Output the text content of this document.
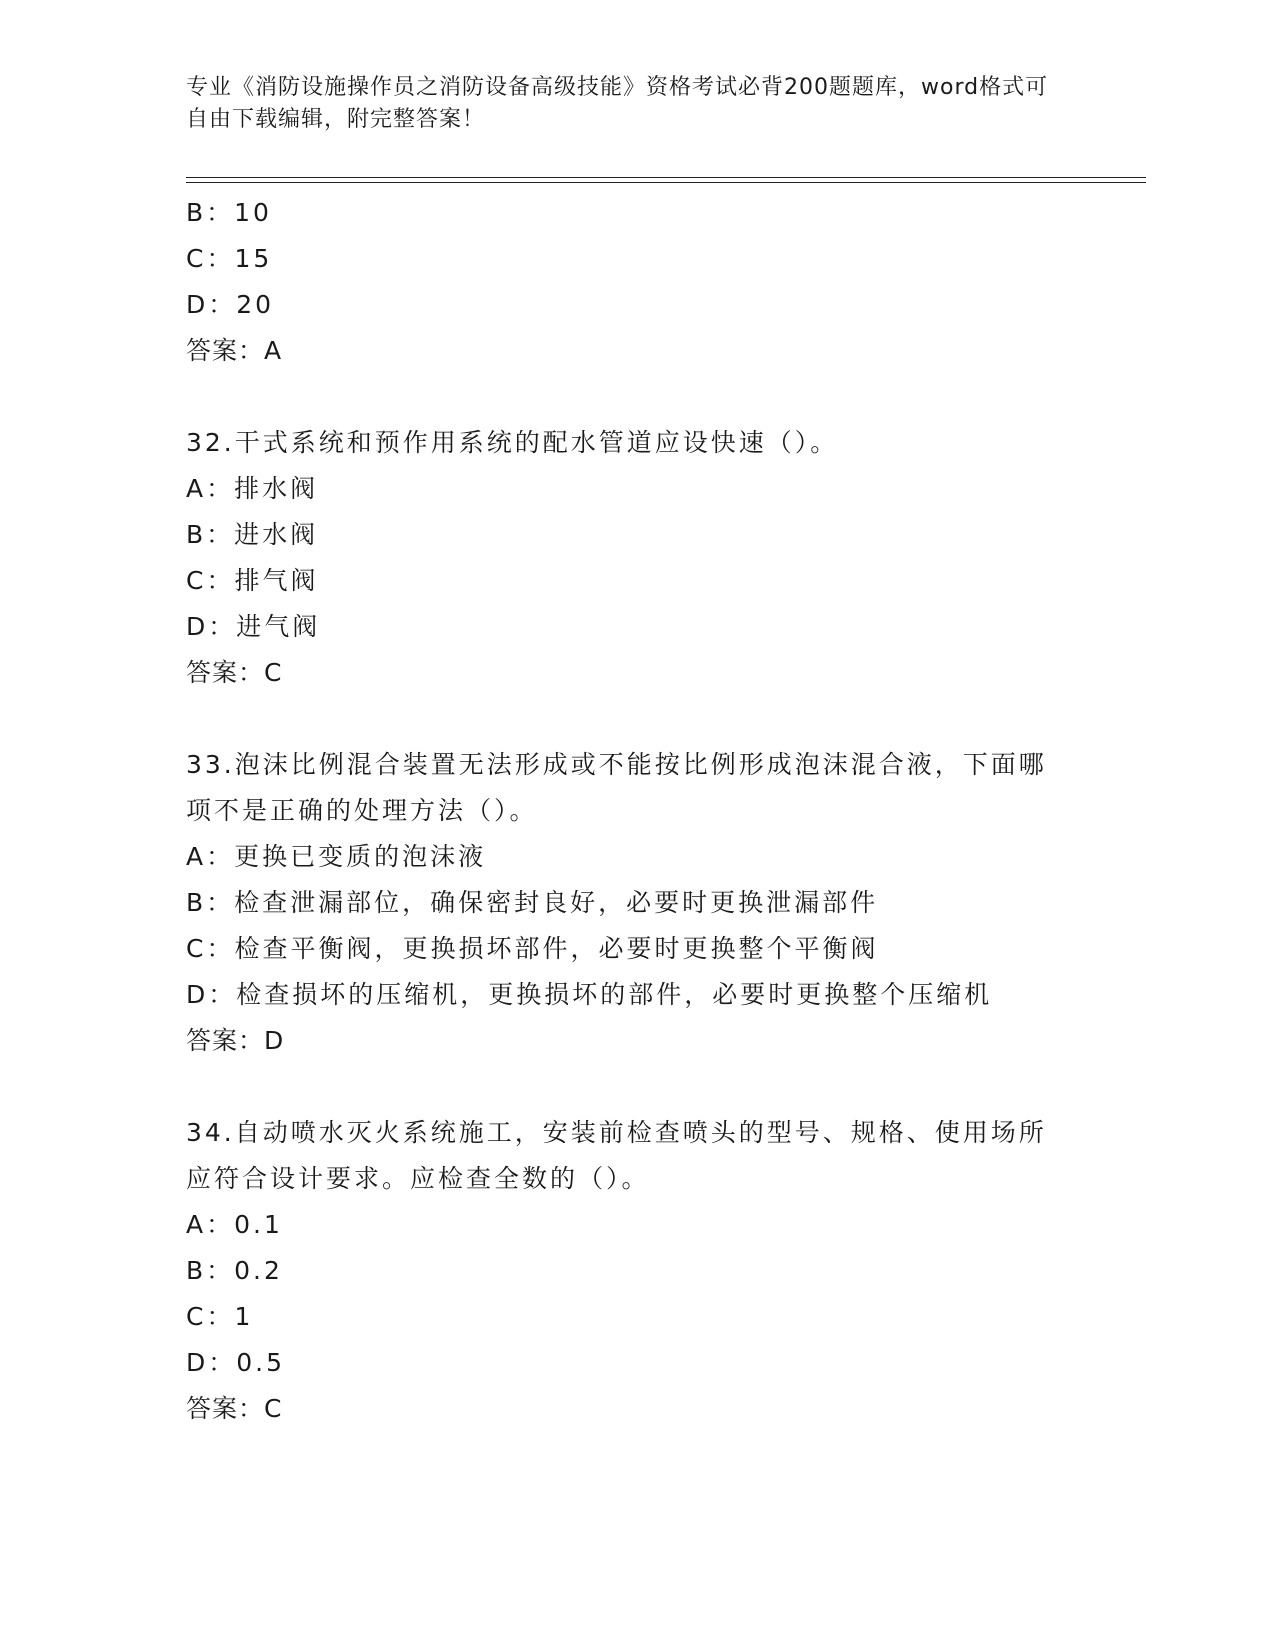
专业《消防设施操作员之消防设备高级技能》资格考试必背200题题库，word格式可自由下载编辑，附完整答案！
B：10
C：15
D：20
答案：A
32.干式系统和预作用系统的配水管道应设快速（）。
A：排水阀
B：进水阀
C：排气阀
D：进气阀
答案：C
33.泡沫比例混合装置无法形成或不能按比例形成泡沫混合液，下面哪项不是正确的处理方法（）。
A：更换已变质的泡沫液
B：检查泄漏部位，确保密封良好，必要时更换泄漏部件
C：检查平衡阀，更换损坏部件，必要时更换整个平衡阀
D：检查损坏的压缩机，更换损坏的部件，必要时更换整个压缩机
答案：D
34.自动喷水灭火系统施工，安装前检查喷头的型号、规格、使用场所应符合设计要求。应检查全数的（）。
A：0.1
B：0.2
C：1
D：0.5
答案：C
